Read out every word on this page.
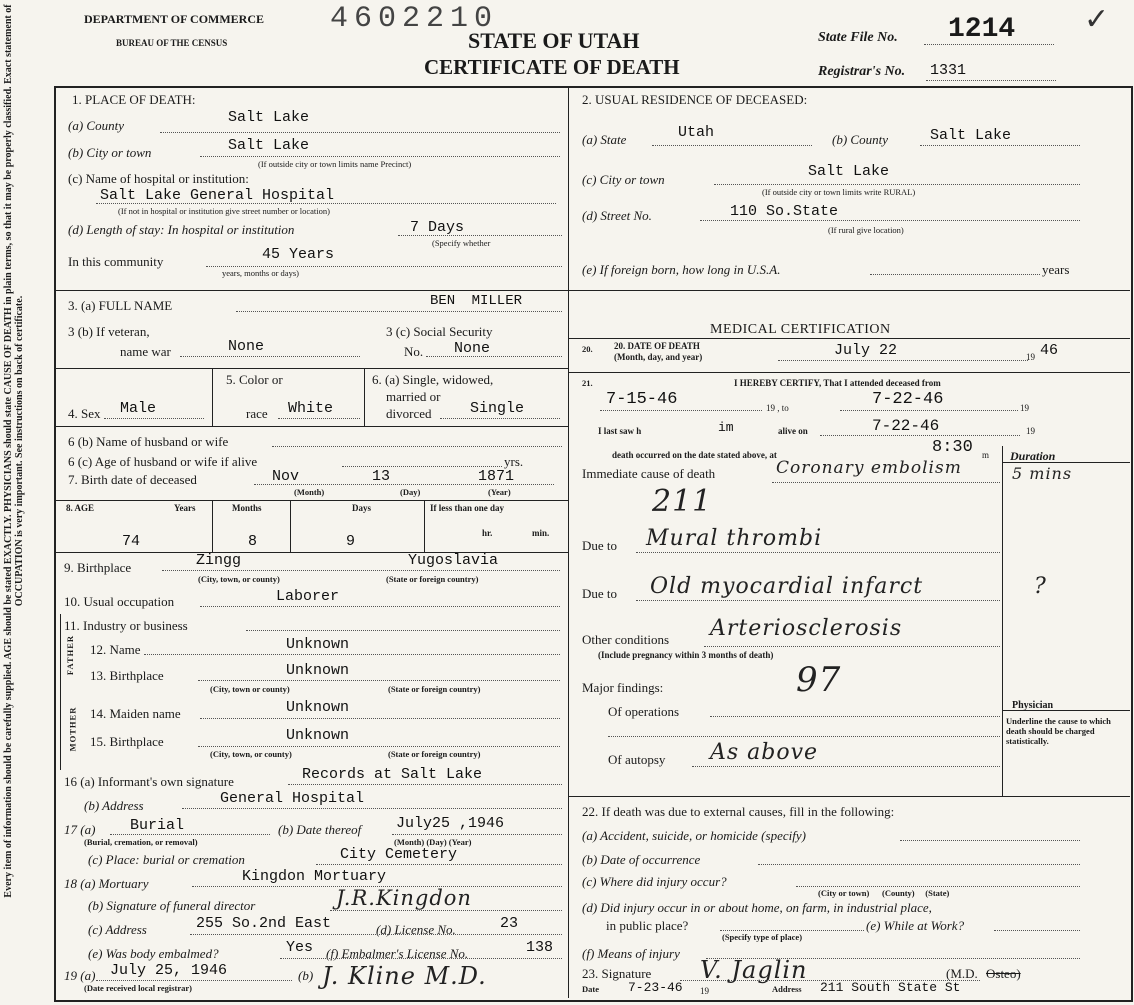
Every item of information should be carefully supplied. AGE should be stated EXACTLY. PHYSICIANS should state CAUSE OF DEATH in plain terms, so that it may be properly classified. Exact statement of OCCUPATION is very important. See instructions on back of certificate.
DEPARTMENT OF COMMERCE
BUREAU OF THE CENSUS
4602210
STATE OF UTAH
CERTIFICATE OF DEATH
State File No. 1214
Registrar's No. 1331
✓
1. PLACE OF DEATH:
(a) County	Salt Lake
(b) City or town	Salt Lake
(If outside city or town limits name Precinct)
(c) Name of hospital or institution:
Salt Lake General Hospital
(If not in hospital or institution give street number or location)
(d) Length of stay: In hospital or institution	7 Days
(Specify whether
In this community	45 Years
years, months or days)
2. USUAL RESIDENCE OF DECEASED:
(a) State	Utah	(b) County	Salt Lake
(c) City or town	Salt Lake
(If outside city or town limits write RURAL)
(d) Street No.	110 So.State
(If rural give location)
(e) If foreign born, how long in U.S.A.	years
3. (a) FULL NAME	BEN MILLER
3 (b) If veteran,
name war	None
3 (c) Social Security
No. None
4. Sex Male
5. Color or
race White
6. (a) Single, widowed,
married or
divorced	Single
6 (b) Name of husband or wife
6 (c) Age of husband or wife if alive	yrs.
7. Birth date of deceased	Nov	13	1871
(Month)	(Day)	(Year)
8. AGE	Years	Months	Days	If less than one day
hr.	min.
74	8	9
9. Birthplace	Zingg	Yugoslavia
(City, town, or county)	(State or foreign country)
10. Usual occupation	Laborer
11. Industry or business
FATHER
MOTHER
12. Name	Unknown
13. Birthplace	Unknown
(City, town or county)	(State or foreign country)
14. Maiden name	Unknown
15. Birthplace	Unknown
(City, town, or county)	(State or foreign country)
16 (a) Informant's own signature	Records at Salt Lake
(b) Address	General Hospital
17 (a) Burial
(Burial, cremation, or removal)
(b) Date thereof July25 ,1946
(Month) (Day) (Year)
(c) Place: burial or cremation	City Cemetery
18 (a) Mortuary	Kingdon Mortuary
(b) Signature of funeral director	J.R.Kingdon
(c) Address	255 So.2nd East	(d) License No.	23
(e) Was body embalmed?	Yes (f) Embalmer's License No.	138
19 (a) July 25, 1946
(Date received local registrar)
(b) J. Kline M.D.
MEDICAL CERTIFICATION
20. 20. DATE OF DEATH
(Month, day, and year)	July 22	19 46
21.	I HEREBY CERTIFY, That I attended deceased from
7-15-46	19 , to	7-22-46	19
I last saw h	im	alive on	7-22-46	19
death occurred on the date stated above, at	8:30 m Duration
Immediate cause of death	Coronary embolism	5 mins
211
Due to Mural thrombi
Due to Old myocardial infarct	?
Other conditions Arteriosclerosis
(Include pregnancy within 3 months of death)
Major findings:	97
Of operations
Of autopsy As above
Physician
Underline the cause to which death should be charged statistically.
22. If death was due to external causes, fill in the following:
(a) Accident, suicide, or homicide (specify)
(b) Date of occurrence
(c) Where did injury occur?
(City or town)      (County)     (State)
(d) Did injury occur in or about home, on farm, in industrial place,
in public place?	(e) While at Work?
(Specify type of place)
(f) Means of injury
23. Signature V. Jaglin	(M.D. Osteo)
Date 7-23-46 19	Address 211 South State St
